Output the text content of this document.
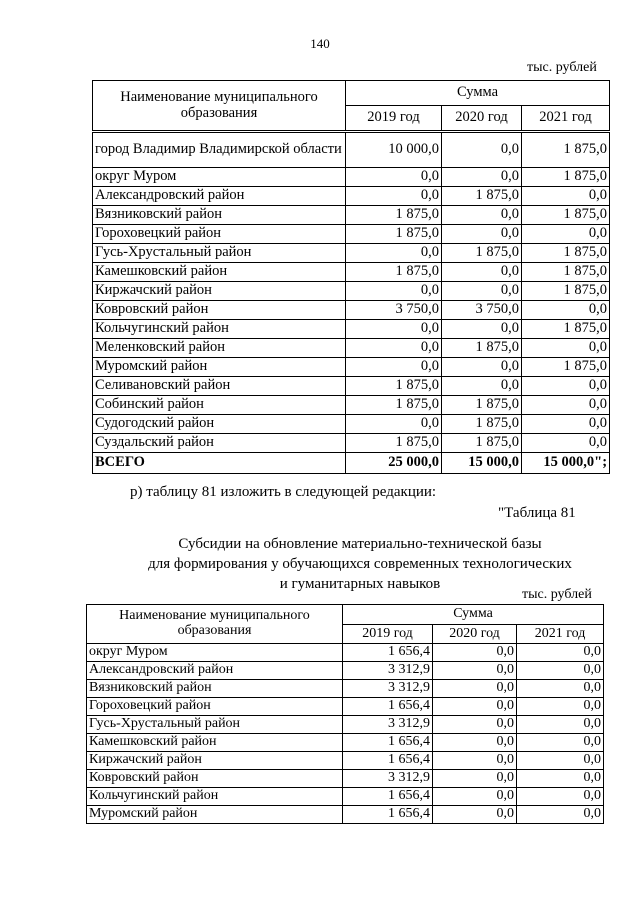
140
тыс. рублей
Наименование муниципального образования	Сумма		
	2019 год	2020 год	2021 год
город Владимир Владимирской области	10 000,0	0,0	1 875,0
округ Муром	0,0	0,0	1 875,0
Александровский район	0,0	1 875,0	0,0
Вязниковский район	1 875,0	0,0	1 875,0
Гороховецкий район	1 875,0	0,0	0,0
Гусь-Хрустальный район	0,0	1 875,0	1 875,0
Камешковский район	1 875,0	0,0	1 875,0
Киржачский район	0,0	0,0	1 875,0
Ковровский район	3 750,0	3 750,0	0,0
Кольчугинский район	0,0	0,0	1 875,0
Меленковский район	0,0	1 875,0	0,0
Муромский район	0,0	0,0	1 875,0
Селивановский район	1 875,0	0,0	0,0
Собинский район	1 875,0	1 875,0	0,0
Судогодский район	0,0	1 875,0	0,0
Суздальский район	1 875,0	1 875,0	0,0
ВСЕГО	25 000,0	15 000,0	15 000,0";
р) таблицу 81 изложить в следующей редакции:
"Таблица 81
Субсидии на обновление материально-технической базы
для формирования у обучающихся современных технологических
и гуманитарных навыков
тыс. рублей
Наименование муниципального образования	Сумма		
	2019 год	2020 год	2021 год
округ Муром	1 656,4	0,0	0,0
Александровский район	3 312,9	0,0	0,0
Вязниковский район	3 312,9	0,0	0,0
Гороховецкий район	1 656,4	0,0	0,0
Гусь-Хрустальный район	3 312,9	0,0	0,0
Камешковский район	1 656,4	0,0	0,0
Киржачский район	1 656,4	0,0	0,0
Ковровский район	3 312,9	0,0	0,0
Кольчугинский район	1 656,4	0,0	0,0
Муромский район	1 656,4	0,0	0,0
